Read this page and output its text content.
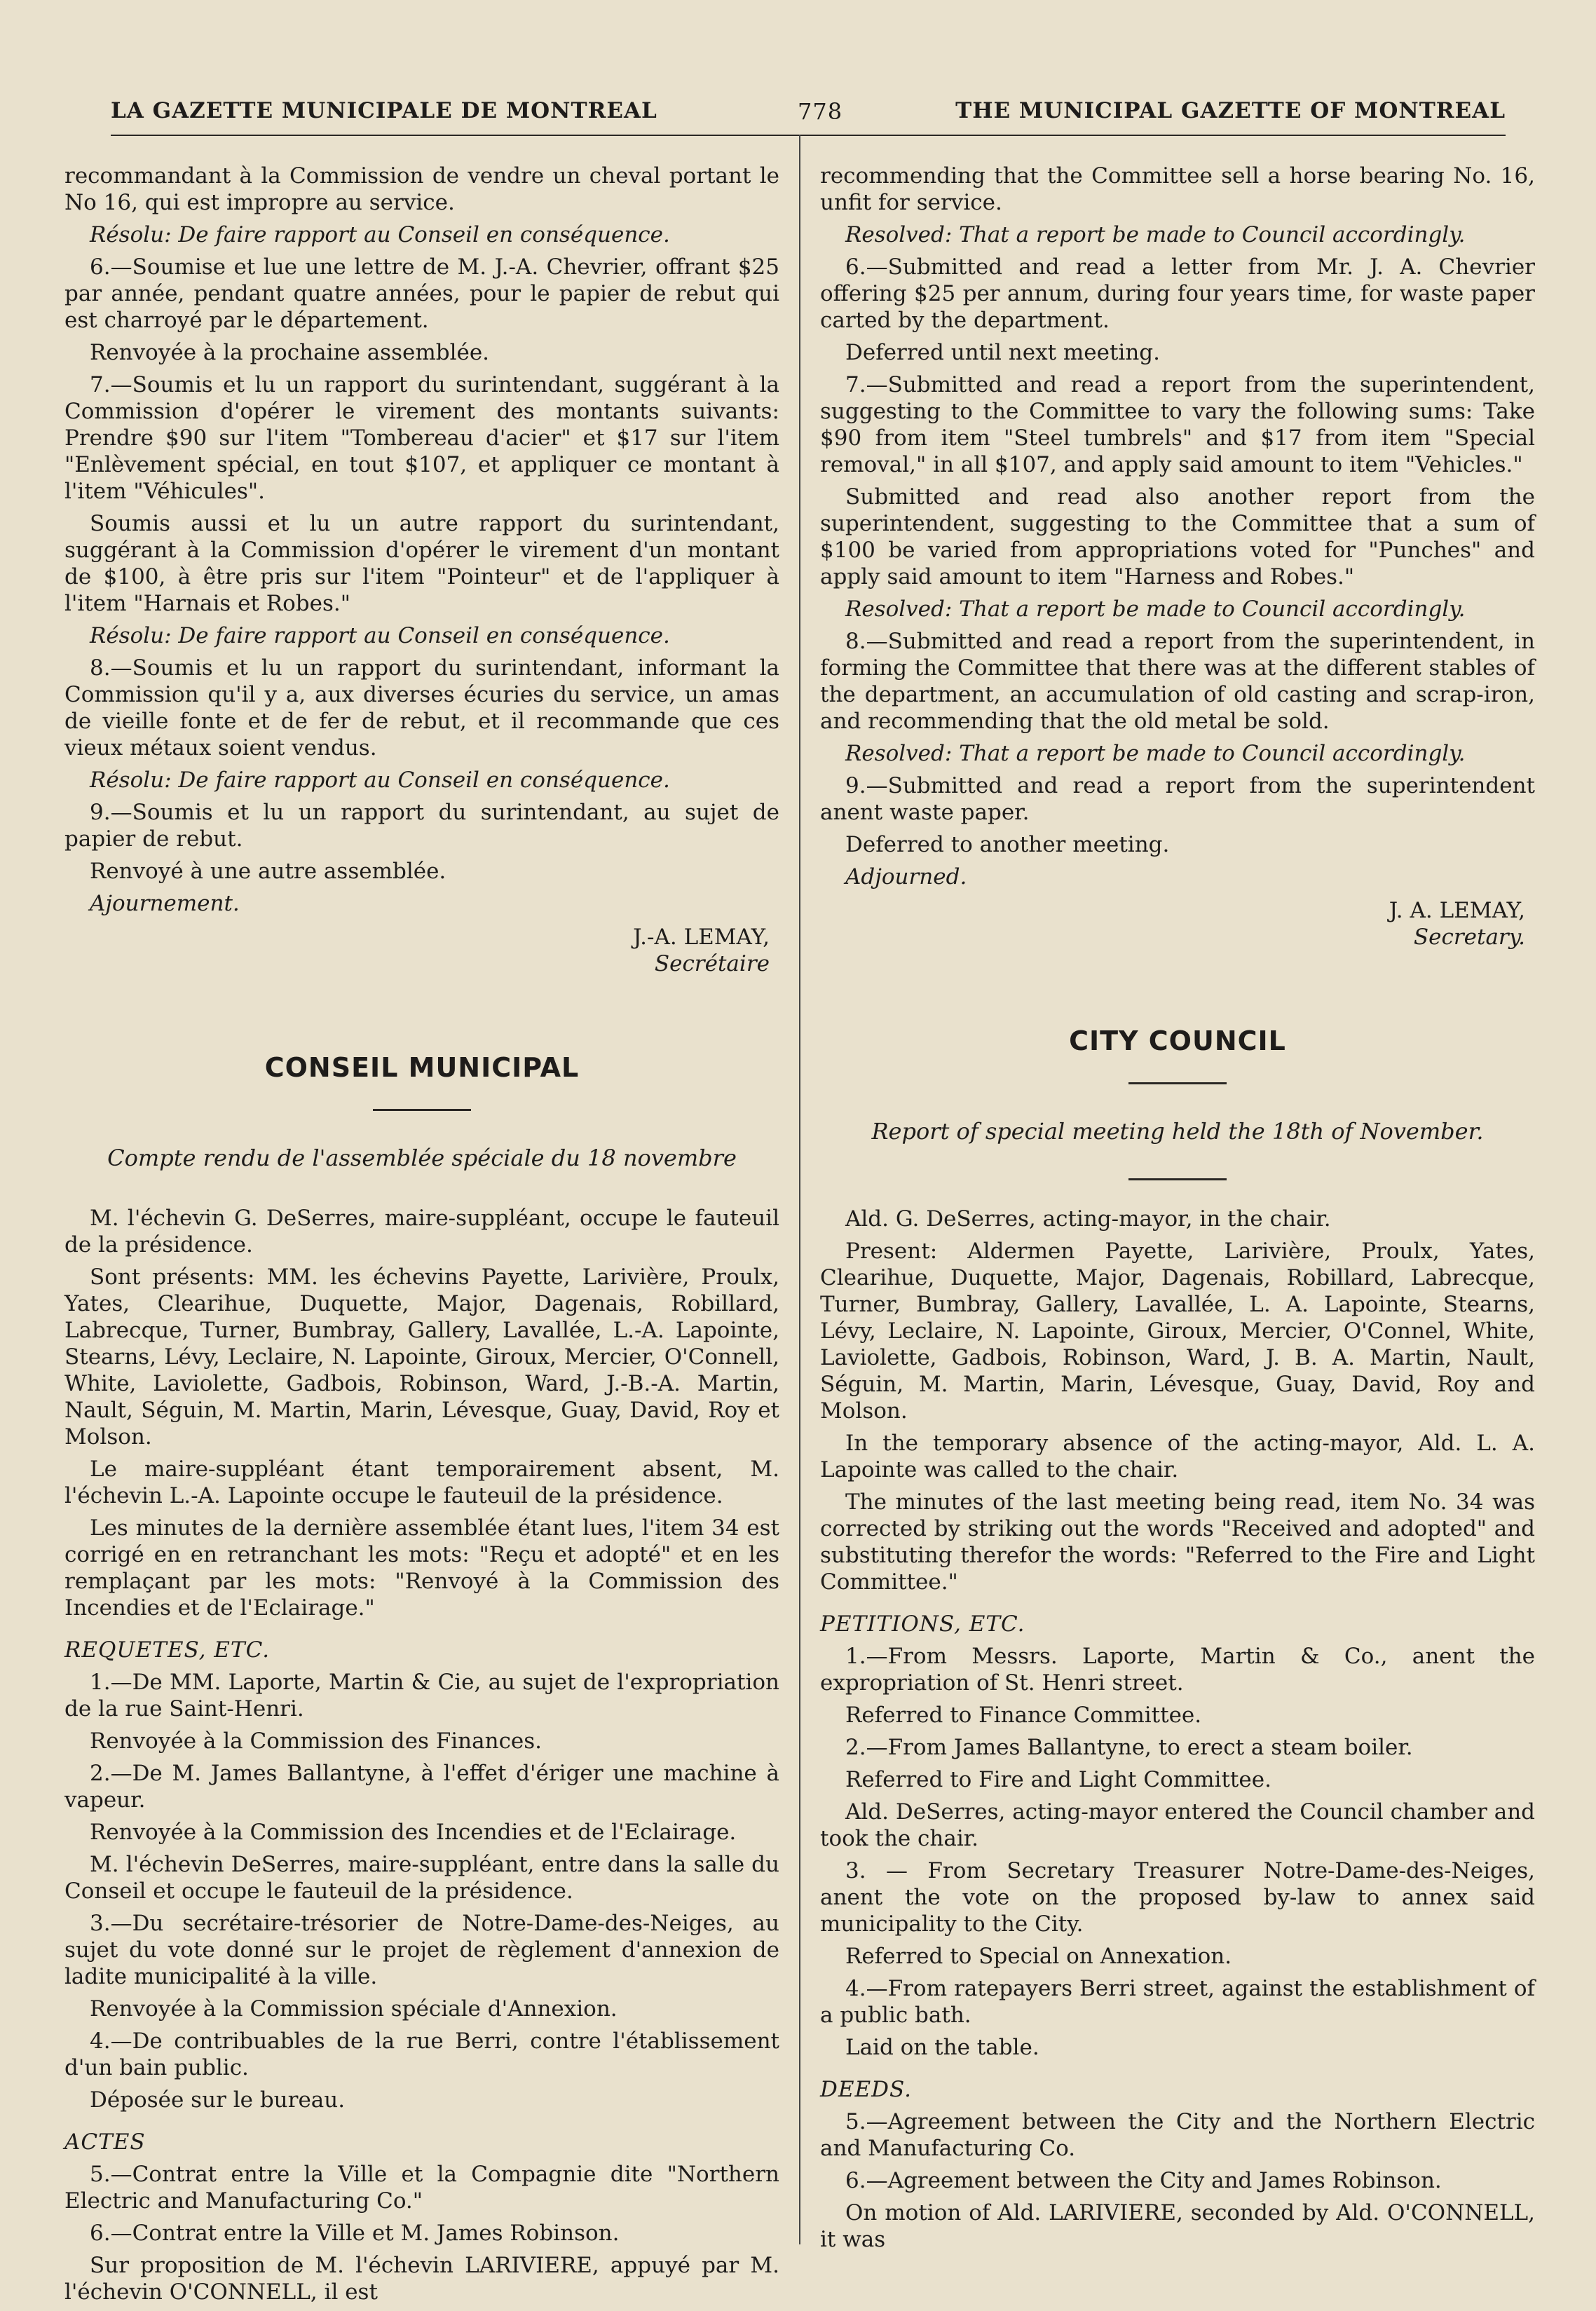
LA GAZETTE MUNICIPALE DE MONTREAL	778	THE MUNICIPAL GAZETTE OF MONTREAL

recommandant à la Commission de vendre un cheval portant le No 16, qui est impropre au service.

Résolu: De faire rapport au Conseil en conséquence.

6.—Soumise et lue une lettre de M. J.-A. Chevrier, offrant $25 par année, pendant quatre années, pour le papier de rebut qui est charroyé par le département.

Renvoyée à la prochaine assemblée.

7.—Soumis et lu un rapport du surintendant, suggérant à la Commission d'opérer le virement des montants suivants: Prendre $90 sur l'item "Tombereau d'acier" et $17 sur l'item "Enlèvement spécial, en tout $107, et appliquer ce montant à l'item "Véhicules".

Soumis aussi et lu un autre rapport du surintendant, suggérant à la Commission d'opérer le virement d'un montant de $100, à être pris sur l'item "Pointeur" et de l'appliquer à l'item "Harnais et Robes."

Résolu: De faire rapport au Conseil en conséquence.

8.—Soumis et lu un rapport du surintendant, informant la Commission qu'il y a, aux diverses écuries du service, un amas de vieille fonte et de fer de rebut, et il recommande que ces vieux métaux soient vendus.

Résolu: De faire rapport au Conseil en conséquence.

9.—Soumis et lu un rapport du surintendant, au sujet de papier de rebut.

Renvoyé à une autre assemblée.

Ajournement.

J.-A. LEMAY,
Secrétaire
CONSEIL MUNICIPAL
Compte rendu de l'assemblée spéciale du 18 novembre

M. l'échevin G. DeSerres, maire-suppléant, occupe le fauteuil de la présidence.

Sont présents: MM. les échevins Payette, Larivière, Proulx, Yates, Clearihue, Duquette, Major, Dagenais, Robillard, Labrecque, Turner, Bumbray, Gallery, Lavallée, L.-A. Lapointe, Stearns, Lévy, Leclaire, N. Lapointe, Giroux, Mercier, O'Connell, White, Laviolette, Gadbois, Robinson, Ward, J.-B.-A. Martin, Nault, Séguin, M. Martin, Marin, Lévesque, Guay, David, Roy et Molson.

Le maire-suppléant étant temporairement absent, M. l'échevin L.-A. Lapointe occupe le fauteuil de la présidence.

Les minutes de la dernière assemblée étant lues, l'item 34 est corrigé en en retranchant les mots: "Reçu et adopté" et en les remplaçant par les mots: "Renvoyé à la Commission des Incendies et de l'Eclairage."

REQUETES, ETC.

1.—De MM. Laporte, Martin & Cie, au sujet de l'expropriation de la rue Saint-Henri.

Renvoyée à la Commission des Finances.

2.—De M. James Ballantyne, à l'effet d'ériger une machine à vapeur.

Renvoyée à la Commission des Incendies et de l'Eclairage.

M. l'échevin DeSerres, maire-suppléant, entre dans la salle du Conseil et occupe le fauteuil de la présidence.

3.—Du secrétaire-trésorier de Notre-Dame-des-Neiges, au sujet du vote donné sur le projet de règlement d'annexion de ladite municipalité à la ville.

Renvoyée à la Commission spéciale d'Annexion.

4.—De contribuables de la rue Berri, contre l'établissement d'un bain public.

Déposée sur le bureau.

ACTES

5.—Contrat entre la Ville et la Compagnie dite "Northern Electric and Manufacturing Co."

6.—Contrat entre la Ville et M. James Robinson.

Sur proposition de M. l'échevin LARIVIERE, appuyé par M. l'échevin O'CONNELL, il est

recommending that the Committee sell a horse bearing No. 16, unfit for service.

Resolved: That a report be made to Council accordingly.

6.—Submitted and read a letter from Mr. J. A. Chevrier offering $25 per annum, during four years time, for waste paper carted by the department.

Deferred until next meeting.

7.—Submitted and read a report from the superintendent, suggesting to the Committee to vary the following sums: Take $90 from item "Steel tumbrels" and $17 from item "Special removal," in all $107, and apply said amount to item "Vehicles."

Submitted and read also another report from the superintendent, suggesting to the Committee that a sum of $100 be varied from appropriations voted for "Punches" and apply said amount to item "Harness and Robes."

Resolved: That a report be made to Council accordingly.

8.—Submitted and read a report from the superintendent, in forming the Committee that there was at the different stables of the department, an accumulation of old casting and scrap-iron, and recommending that the old metal be sold.

Resolved: That a report be made to Council accordingly.

9.—Submitted and read a report from the superintendent anent waste paper.

Deferred to another meeting.

Adjourned.

J. A. LEMAY,
Secretary.
CITY COUNCIL
Report of special meeting held the 18th of November.

Ald. G. DeSerres, acting-mayor, in the chair.

Present: Aldermen Payette, Larivière, Proulx, Yates, Clearihue, Duquette, Major, Dagenais, Robillard, Labrecque, Turner, Bumbray, Gallery, Lavallée, L. A. Lapointe, Stearns, Lévy, Leclaire, N. Lapointe, Giroux, Mercier, O'Connel, White, Laviolette, Gadbois, Robinson, Ward, J. B. A. Martin, Nault, Séguin, M. Martin, Marin, Lévesque, Guay, David, Roy and Molson.

In the temporary absence of the acting-mayor, Ald. L. A. Lapointe was called to the chair.

The minutes of the last meeting being read, item No. 34 was corrected by striking out the words "Received and adopted" and substituting therefor the words: "Referred to the Fire and Light Committee."

PETITIONS, ETC.

1.—From Messrs. Laporte, Martin & Co., anent the expropriation of St. Henri street.

Referred to Finance Committee.

2.—From James Ballantyne, to erect a steam boiler.

Referred to Fire and Light Committee.

Ald. DeSerres, acting-mayor entered the Council chamber and took the chair.

3. — From Secretary Treasurer Notre-Dame-des-Neiges, anent the vote on the proposed by-law to annex said municipality to the City.

Referred to Special on Annexation.

4.—From ratepayers Berri street, against the establishment of a public bath.

Laid on the table.

DEEDS.

5.—Agreement between the City and the Northern Electric and Manufacturing Co.

6.—Agreement between the City and James Robinson.

On motion of Ald. LARIVIERE, seconded by Ald. O'CONNELL, it was
